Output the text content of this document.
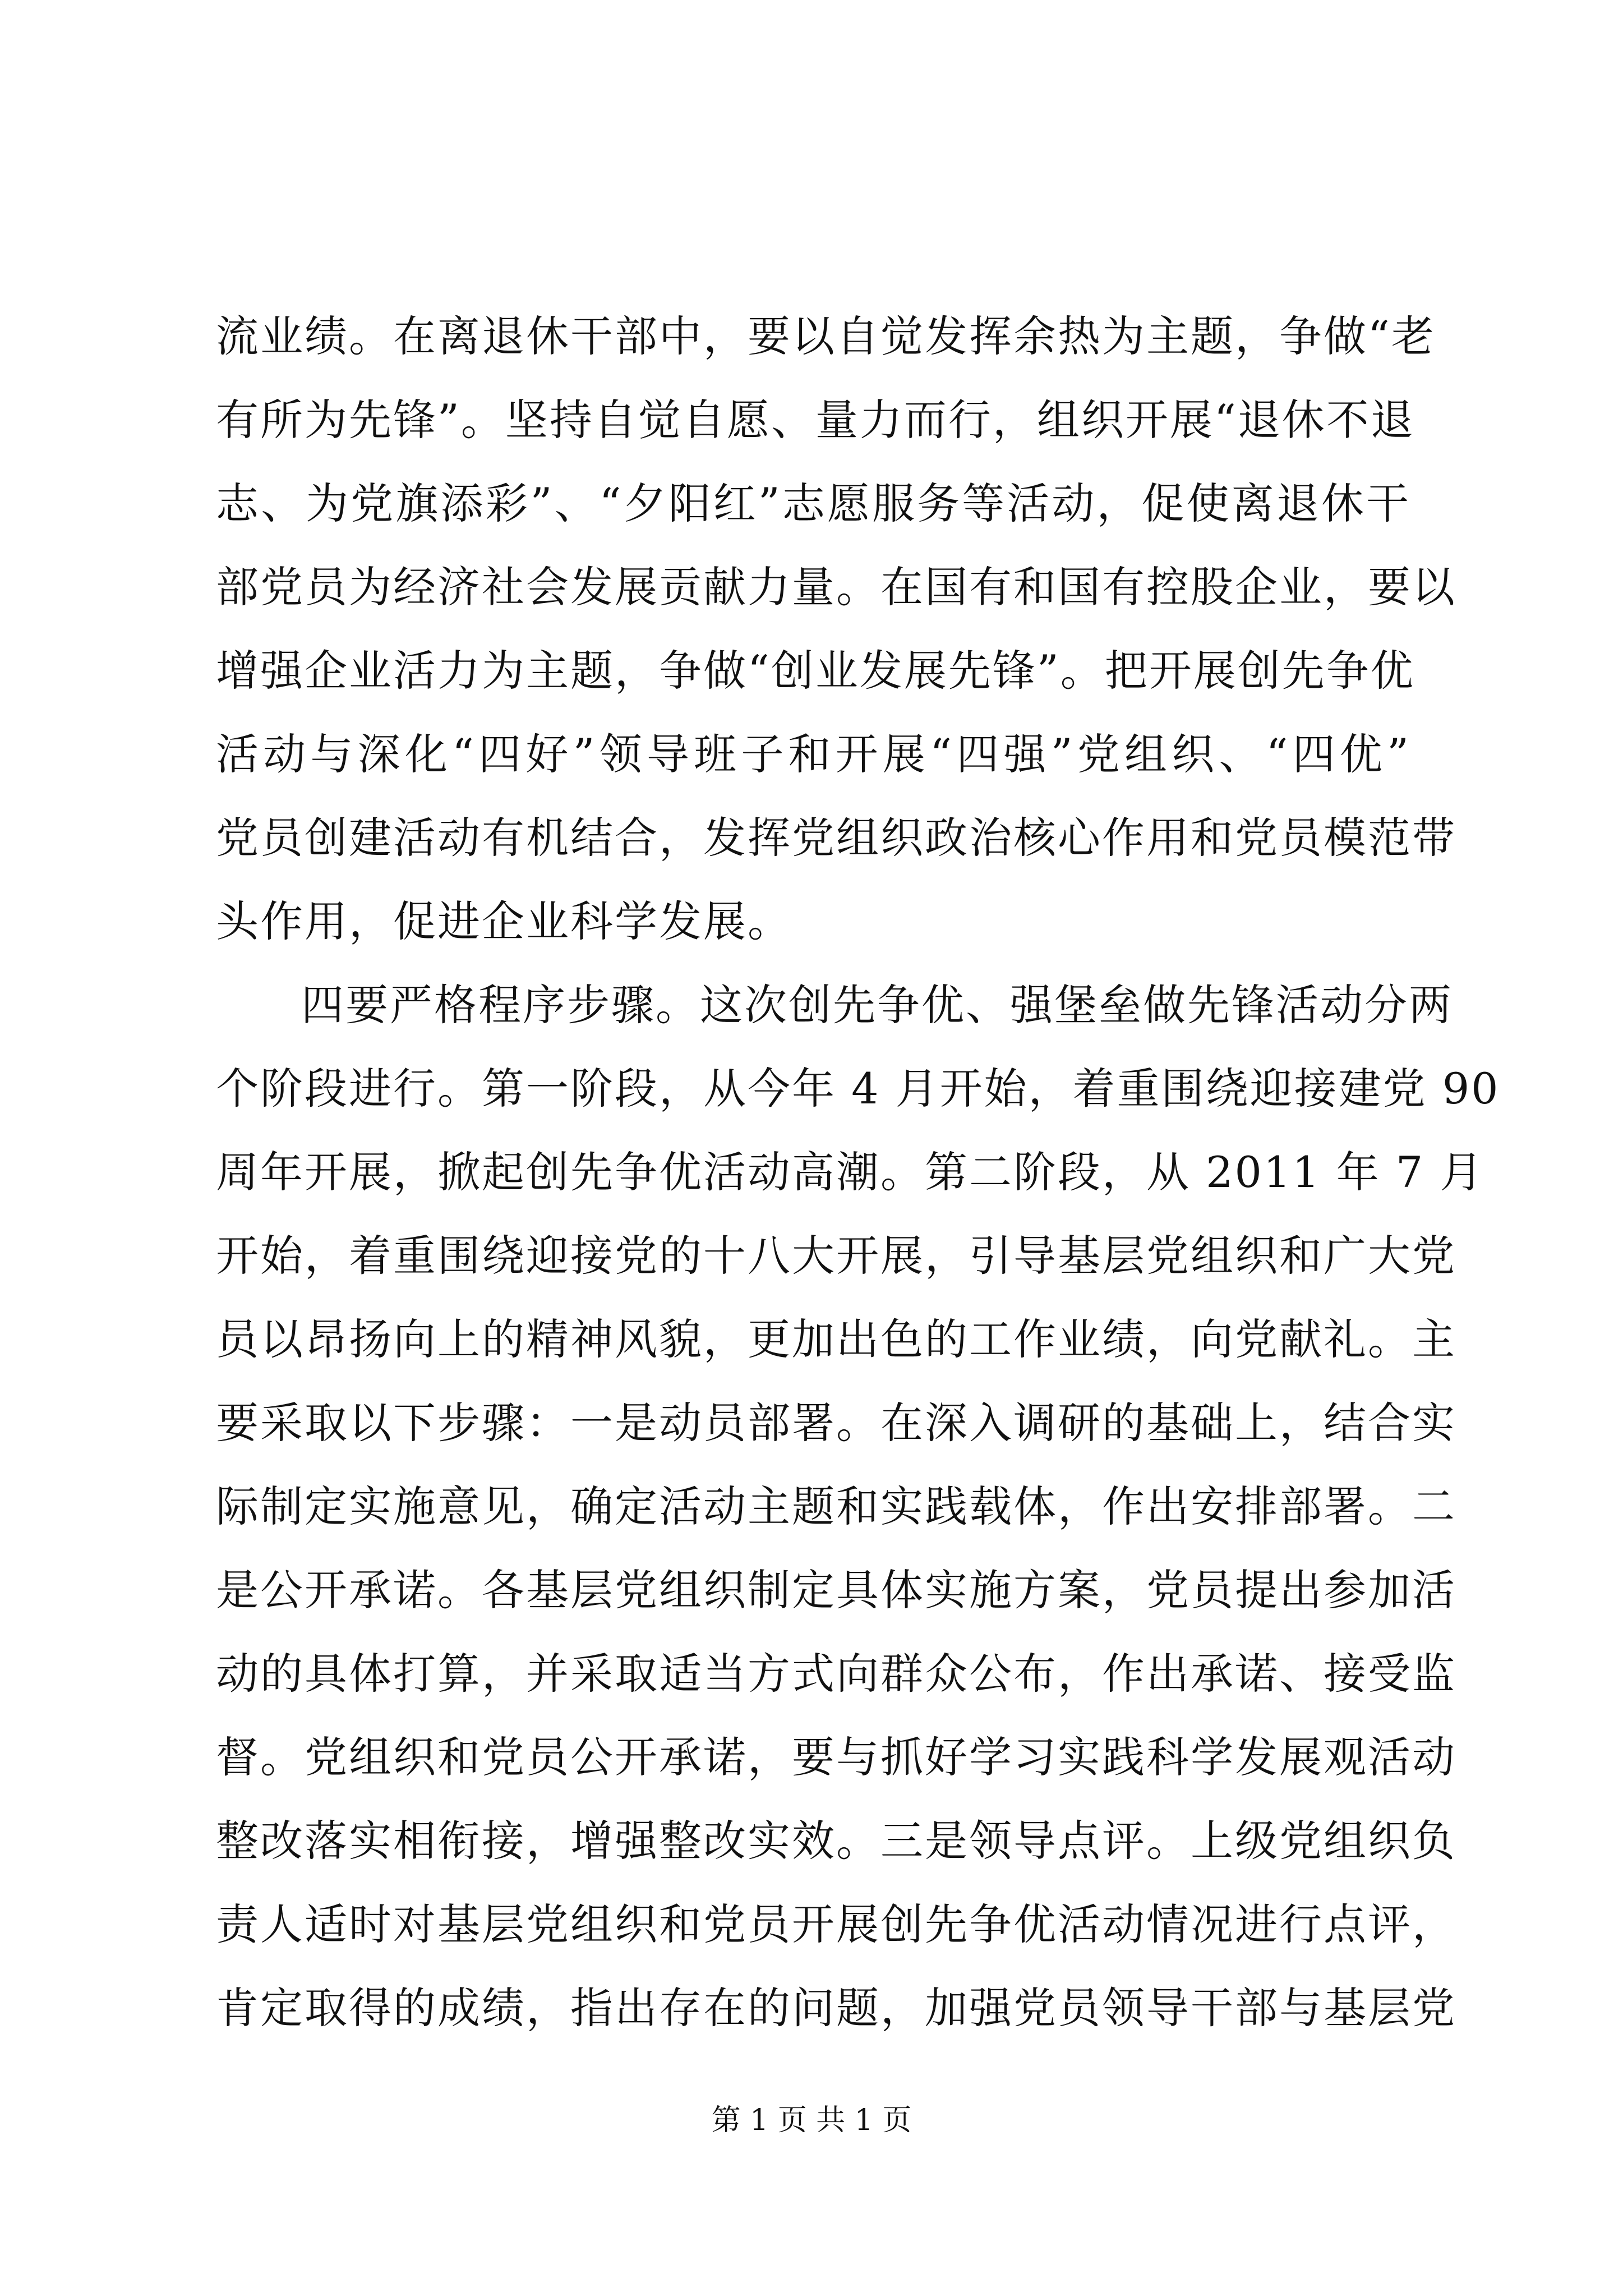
流业绩。在离退休干部中，要以自觉发挥余热为主题，争做“老
有所为先锋”。坚持自觉自愿、量力而行，组织开展“退休不退
志、为党旗添彩”、“夕阳红”志愿服务等活动，促使离退休干
部党员为经济社会发展贡献力量。在国有和国有控股企业，要以
增强企业活力为主题，争做“创业发展先锋”。把开展创先争优
活动与深化“四好”领导班子和开展“四强”党组织、“四优”
党员创建活动有机结合，发挥党组织政治核心作用和党员模范带
头作用，促进企业科学发展。
四要严格程序步骤。这次创先争优、强堡垒做先锋活动分两
个阶段进行。第一阶段，从今年 4 月开始，着重围绕迎接建党 90
周年开展，掀起创先争优活动高潮。第二阶段，从 2011 年 7 月
开始，着重围绕迎接党的十八大开展，引导基层党组织和广大党
员以昂扬向上的精神风貌，更加出色的工作业绩，向党献礼。主
要采取以下步骤：一是动员部署。在深入调研的基础上，结合实
际制定实施意见，确定活动主题和实践载体，作出安排部署。二
是公开承诺。各基层党组织制定具体实施方案，党员提出参加活
动的具体打算，并采取适当方式向群众公布，作出承诺、接受监
督。党组织和党员公开承诺，要与抓好学习实践科学发展观活动
整改落实相衔接，增强整改实效。三是领导点评。上级党组织负
责人适时对基层党组织和党员开展创先争优活动情况进行点评，
肯定取得的成绩，指出存在的问题，加强党员领导干部与基层党
第 1 页 共 1 页
